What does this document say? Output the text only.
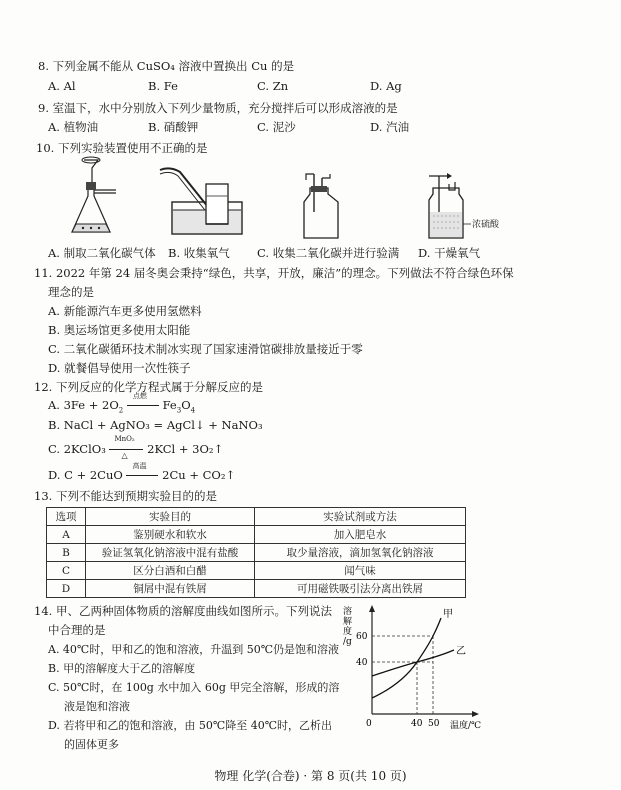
8. 下列金属不能从 CuSO₄ 溶液中置换出 Cu 的是
A. Al	B. Fe	C. Zn	D. Ag
9. 室温下，水中分别放入下列少量物质，充分搅拌后可以形成溶液的是
A. 植物油	B. 硝酸钾	C. 泥沙	D. 汽油
10. 下列实验装置使用不正确的是
浓硫酸
A. 制取二氧化碳气体 B. 收集氧气 C. 收集二氧化碳并进行验满 D. 干燥氧气
11. 2022 年第 24 届冬奥会秉持“绿色，共享，开放，廉洁”的理念。下列做法不符合绿色环保
理念的是
A. 新能源汽车更多使用氢燃料
B. 奥运场馆更多使用太阳能
C. 二氧化碳循环技术制冰实现了国家速滑馆碳排放量接近于零
D. 就餐倡导使用一次性筷子
12. 下列反应的化学方程式属于分解反应的是
A. $3Fe + 2O_2$
点燃
$Fe_3O_4$
B. NaCl + AgNO₃ = AgCl↓ + NaNO₃
C. 2KClO₃
MnO₂
△ 2KCl + 3O₂↑
D. C + 2CuO
高温
2Cu + CO₂↑
13. 下列不能达到预期实验目的的是
选项	实验目的	实验试剂或方法
A	鉴别硬水和软水	加入肥皂水
B	验证氢氧化钠溶液中混有盐酸	取少量溶液，滴加氢氧化钠溶液
C	区分白酒和白醋	闻气味
D	铜屑中混有铁屑	可用磁铁吸引法分离出铁屑
14. 甲、乙两种固体物质的溶解度曲线如图所示。下列说法
中合理的是
A. 40℃时，甲和乙的饱和溶液，升温到 50℃仍是饱和溶液
B. 甲的溶解度大于乙的溶解度
C. 50℃时，在 100g 水中加入 60g 甲完全溶解，形成的溶
液是饱和溶液
D. 若将甲和乙的饱和溶液，由 50℃降至 40℃时，乙析出
的固体更多
甲
乙
60
40
0	40 50 温度/℃
溶
解
度
/g
物理 化学(合卷) · 第 8 页(共 10 页)
